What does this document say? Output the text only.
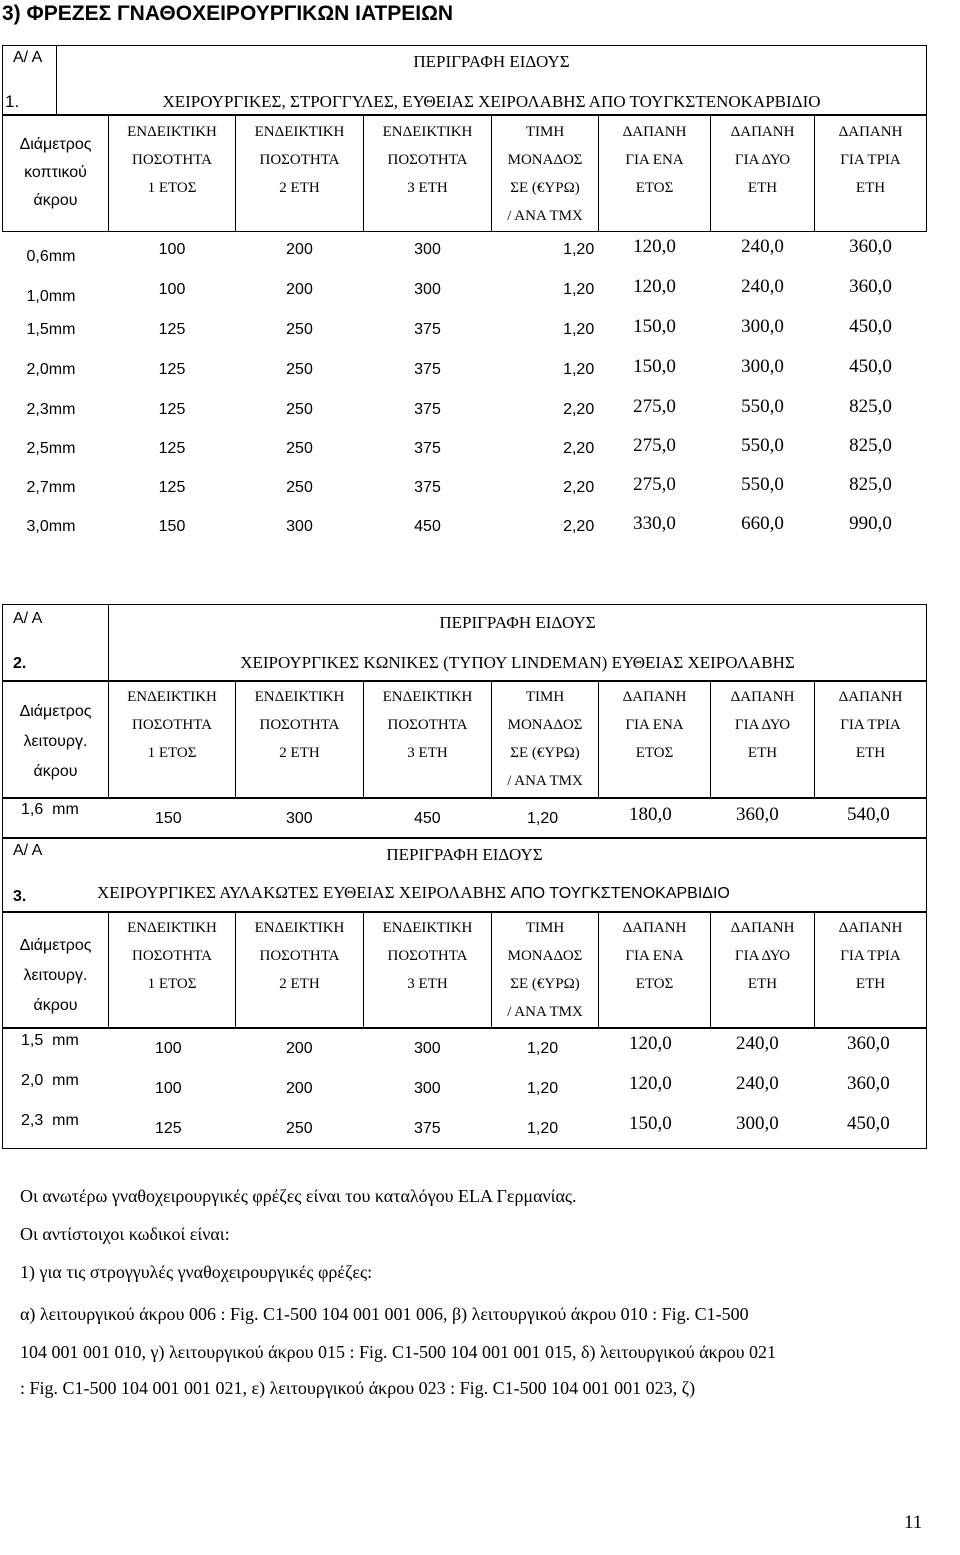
3) ΦΡΕΖΕΣ ΓΝΑΘΟΧΕΙΡΟΥΡΓΙΚΩΝ ΙΑΤΡΕΙΩΝ
Α/ Α
1.

ΠΕΡΙΓΡΑΦΗ ΕΙΔΟΥΣ
ΧΕΙΡΟΥΡΓΙΚΕΣ, ΣΤΡΟΓΓΥΛΕΣ, ΕΥΘΕΙΑΣ ΧΕΙΡΟΛΑΒΗΣ ΑΠΟ ΤΟΥΓΚΣΤΕΝΟΚΑΡΒΙΔΙΟ
Διάμετρος
κοπτικού
άκρου	ΕΝΔΕΙΚΤΙΚΗ
ΠΟΣΟΤΗΤΑ
1 ΕΤΟΣ	ΕΝΔΕΙΚΤΙΚΗ
ΠΟΣΟΤΗΤΑ
2 ΕΤΗ	ΕΝΔΕΙΚΤΙΚΗ
ΠΟΣΟΤΗΤΑ
3 ΕΤΗ	ΤΙΜΗ
ΜΟΝΑΔΟΣ
ΣΕ (€ΥΡΩ)
/ ΑΝΑ ΤΜΧ	ΔΑΠΑΝΗ
ΓΙΑ ΕΝΑ
ΕΤΟΣ	ΔΑΠΑΝΗ
ΓΙΑ ΔΥΟ
ΕΤΗ	ΔΑΠΑΝΗ
ΓΙΑ ΤΡΙΑ
ΕΤΗ

0,6mm	100	200	300	1,20	120,0	240,0	360,0

1,0mm	100	200	300	1,20	120,0	240,0	360,0

1,5mm	125	250	375	1,20	150,0	300,0	450,0

2,0mm	125	250	375	1,20	150,0	300,0	450,0

2,3mm	125	250	375	2,20	275,0	550,0	825,0

2,5mm	125	250	375	2,20	275,0	550,0	825,0

2,7mm	125	250	375	2,20	275,0	550,0	825,0

3,0mm	150	300	450	2,20	330,0	660,0	990,0
Α/ Α
2.

ΠΕΡΙΓΡΑΦΗ ΕΙΔΟΥΣ
ΧΕΙΡΟΥΡΓΙΚΕΣ ΚΩΝΙΚΕΣ (ΤΥΠΟΥ LINDEMAN) ΕΥΘΕΙΑΣ ΧΕΙΡΟΛΑΒΗΣ
Διάμετρος
λειτουργ.
άκρου

ΕΝΔΕΙΚΤΙΚΗ
ΠΟΣΟΤΗΤΑ
1 ΕΤΟΣ

ΕΝΔΕΙΚΤΙΚΗ
ΠΟΣΟΤΗΤΑ
2 ΕΤΗ

ΕΝΔΕΙΚΤΙΚΗ
ΠΟΣΟΤΗΤΑ
3 ΕΤΗ

ΤΙΜΗ
ΜΟΝΑΔΟΣ
ΣΕ (€ΥΡΩ)
/ ΑΝΑ ΤΜΧ

ΔΑΠΑΝΗ
ΓΙΑ ΕΝΑ
ΕΤΟΣ

ΔΑΠΑΝΗ
ΓΙΑ ΔΥΟ
ΕΤΗ

ΔΑΠΑΝΗ
ΓΙΑ ΤΡΙΑ
ΕΤΗ
1,6  mm
150	300	450	1,20	180,0	360,0	540,0
Α/ Α
3.
ΠΕΡΙΓΡΑΦΗ ΕΙΔΟΥΣ
ΧΕΙΡΟΥΡΓΙΚΕΣ ΑΥΛΑΚΩΤΕΣ ΕΥΘΕΙΑΣ ΧΕΙΡΟΛΑΒΗΣ ΑΠΟ ΤΟΥΓΚΣΤΕΝΟΚΑΡΒΙΔΙΟ
Διάμετρος
λειτουργ.
άκρου

ΕΝΔΕΙΚΤΙΚΗ
ΠΟΣΟΤΗΤΑ
1 ΕΤΟΣ

ΕΝΔΕΙΚΤΙΚΗ
ΠΟΣΟΤΗΤΑ
2 ΕΤΗ

ΕΝΔΕΙΚΤΙΚΗ
ΠΟΣΟΤΗΤΑ
3 ΕΤΗ

ΤΙΜΗ
ΜΟΝΑΔΟΣ
ΣΕ (€ΥΡΩ)
/ ΑΝΑ ΤΜΧ

ΔΑΠΑΝΗ
ΓΙΑ ΕΝΑ
ΕΤΟΣ

ΔΑΠΑΝΗ
ΓΙΑ ΔΥΟ
ΕΤΗ

ΔΑΠΑΝΗ
ΓΙΑ ΤΡΙΑ
ΕΤΗ
1,5  mm	100	200	300	1,20	120,0	240,0	360,0
2,0  mm	100	200	300	1,20	120,0	240,0	360,0
2,3  mm	125	250	375	1,20	150,0	300,0	450,0

Οι ανωτέρω γναθοχειρουργικές φρέζες είναι του καταλόγου ELA Γερμανίας.

Οι αντίστοιχοι κωδικοί είναι:

1) για τις στρογγυλές γναθοχειρουργικές φρέζες:

α) λειτουργικού άκρου 006 : Fig. C1-500 104 001 001 006, β) λειτουργικού άκρου 010 : Fig. C1-500

104 001 001 010, γ) λειτουργικού άκρου 015 : Fig. C1-500 104 001 001 015, δ) λειτουργικού άκρου 021

: Fig. C1-500 104 001 001 021, ε) λειτουργικού άκρου 023 : Fig. C1-500 104 001 001 023, ζ)

11
